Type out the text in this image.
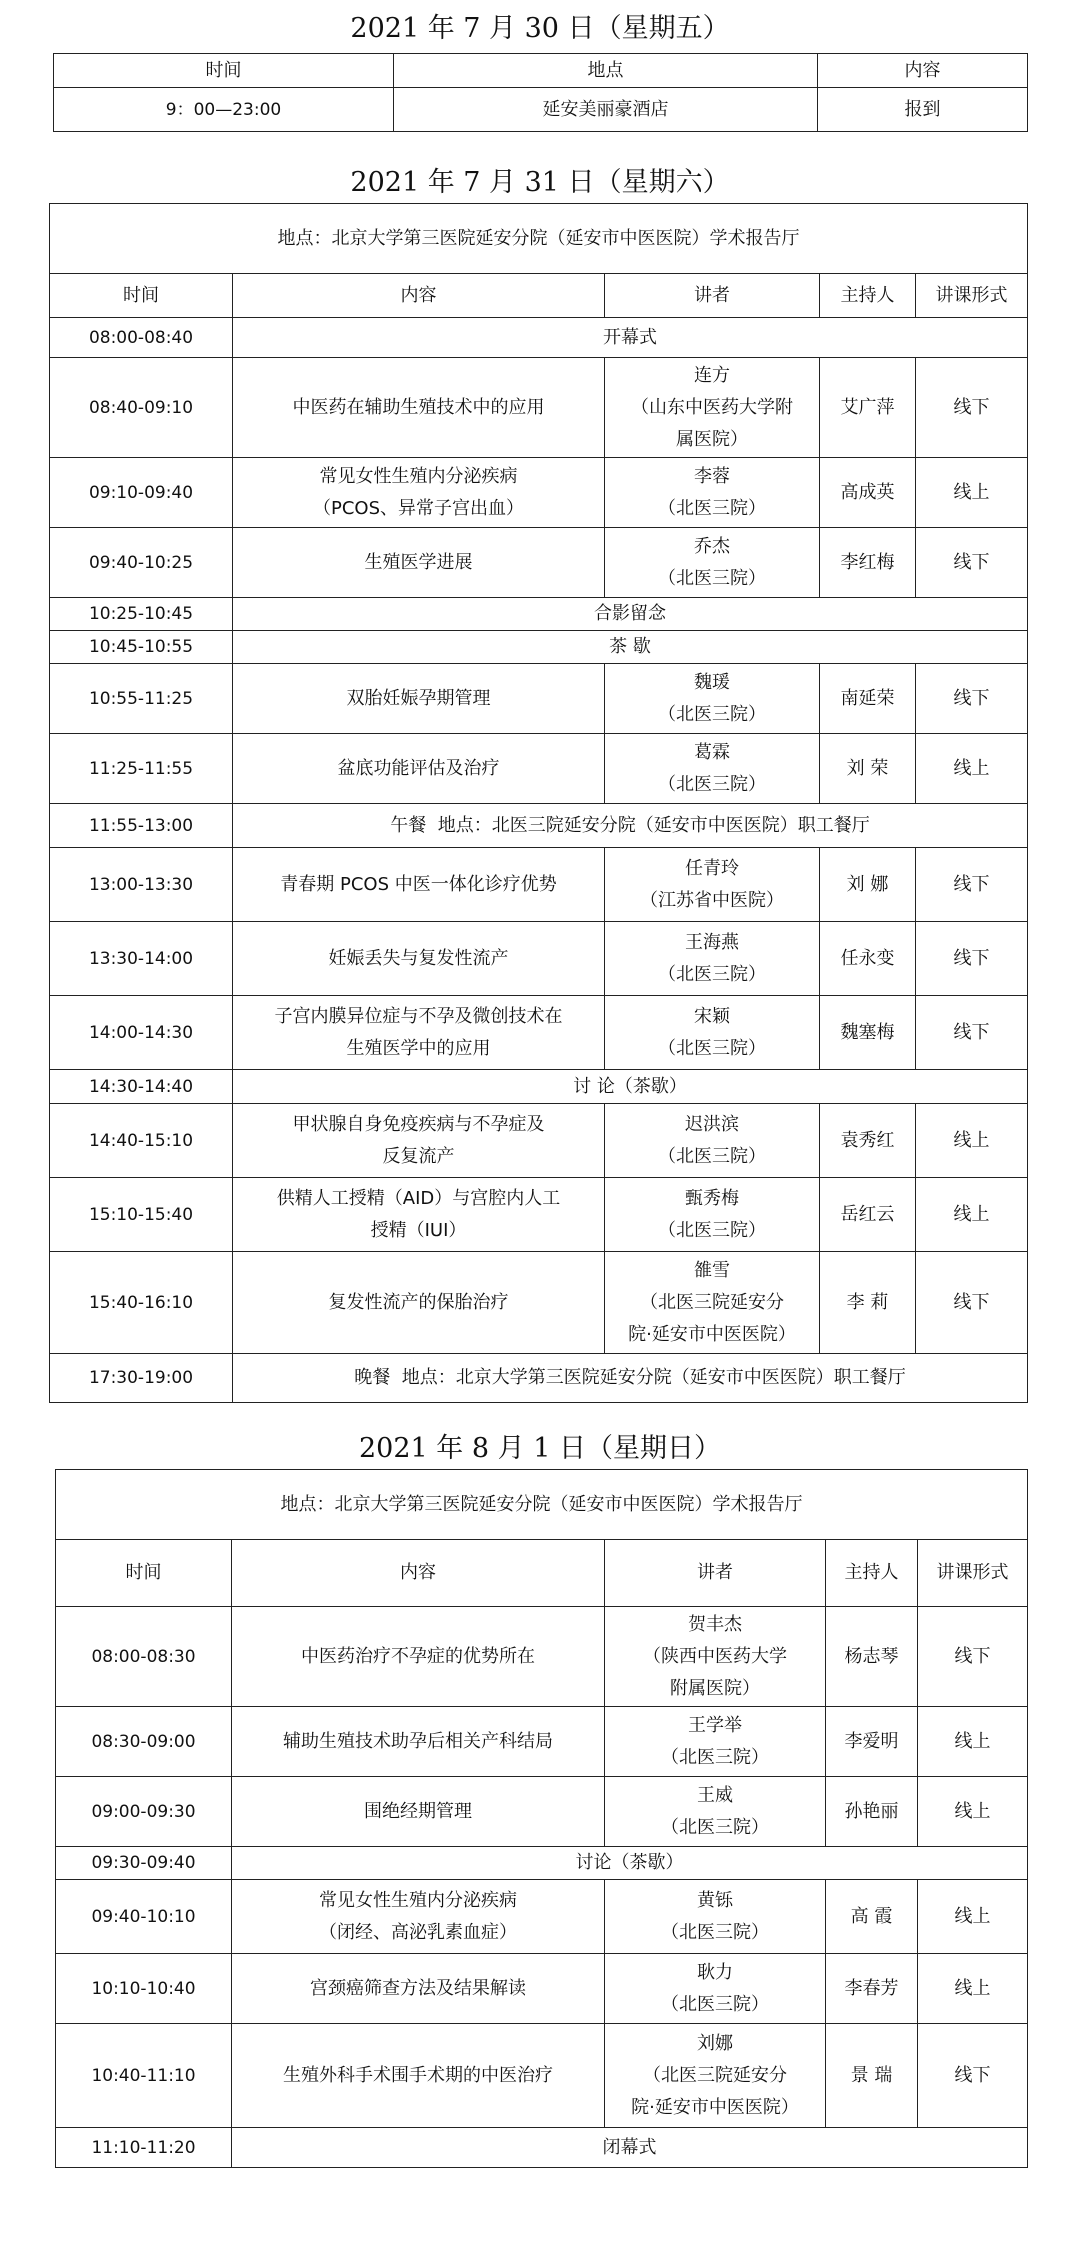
2021 年 7 月 30 日（星期五）
时间	地点	内容
9：00—23:00	延安美丽豪酒店	报到
2021 年 7 月 31 日（星期六）
地点：北京大学第三医院延安分院（延安市中医医院）学术报告厅				
时间	内容	讲者	主持人	讲课形式
08:00-08:40	开幕式			
08:40-09:10	中医药在辅助生殖技术中的应用	连方
（山东中医药大学附
属医院）	艾广萍	线下
09:10-09:40	常见女性生殖内分泌疾病
（PCOS、异常子宫出血）	李蓉
（北医三院）	高成英	线上
09:40-10:25	生殖医学进展	乔杰
（北医三院）	李红梅	线下
10:25-10:45	合影留念			
10:45-10:55	茶 歇			
10:55-11:25	双胎妊娠孕期管理	魏瑗
（北医三院）	南延荣	线下
11:25-11:55	盆底功能评估及治疗	葛霖
（北医三院）	刘 荣	线上
11:55-13:00	午餐  地点：北医三院延安分院（延安市中医医院）职工餐厅			
13:00-13:30	青春期 PCOS 中医一体化诊疗优势	任青玲
（江苏省中医院）	刘 娜	线下
13:30-14:00	妊娠丢失与复发性流产	王海燕
（北医三院）	任永变	线下
14:00-14:30	子宫内膜异位症与不孕及微创技术在
生殖医学中的应用	宋颖
（北医三院）	魏塞梅	线下
14:30-14:40	讨 论（茶歇）			
14:40-15:10	甲状腺自身免疫疾病与不孕症及
反复流产	迟洪滨
（北医三院）	袁秀红	线上
15:10-15:40	供精人工授精（AID）与宫腔内人工
授精（IUI）	甄秀梅
（北医三院）	岳红云	线上
15:40-16:10	复发性流产的保胎治疗	雒雪
（北医三院延安分
院·延安市中医医院）	李 莉	线下
17:30-19:00	晚餐  地点：北京大学第三医院延安分院（延安市中医医院）职工餐厅			
2021 年 8 月 1 日（星期日）
地点：北京大学第三医院延安分院（延安市中医医院）学术报告厅				
时间	内容	讲者	主持人	讲课形式
08:00-08:30	中医药治疗不孕症的优势所在	贺丰杰
（陕西中医药大学
附属医院）	杨志琴	线下
08:30-09:00	辅助生殖技术助孕后相关产科结局	王学举
（北医三院）	李爱明	线上
09:00-09:30	围绝经期管理	王威
（北医三院）	孙艳丽	线上
09:30-09:40	讨论（茶歇）			
09:40-10:10	常见女性生殖内分泌疾病
（闭经、高泌乳素血症）	黄铄
（北医三院）	高 霞	线上
10:10-10:40	宫颈癌筛查方法及结果解读	耿力
（北医三院）	李春芳	线上
10:40-11:10	生殖外科手术围手术期的中医治疗	刘娜
（北医三院延安分
院·延安市中医医院）	景 瑞	线下
11:10-11:20	闭幕式			
